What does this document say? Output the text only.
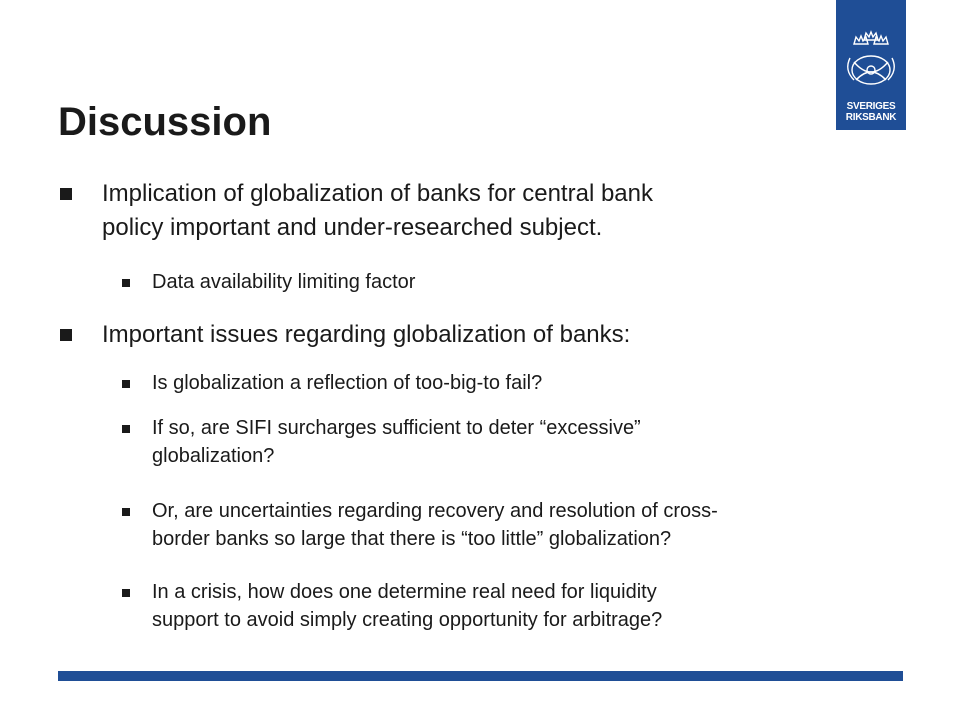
SVERIGES
RIKSBANK
Discussion
Implication of globalization of banks for central bank
policy important and under-researched subject.
Data availability limiting factor
Important issues regarding globalization of banks:
Is globalization a reflection of too-big-to fail?
If so, are SIFI surcharges sufficient to deter “excessive”
globalization?
Or, are uncertainties regarding recovery and resolution of cross-
border banks so large that there is “too little” globalization?
In a crisis, how does one determine real need for liquidity
support to avoid simply creating opportunity for arbitrage?
